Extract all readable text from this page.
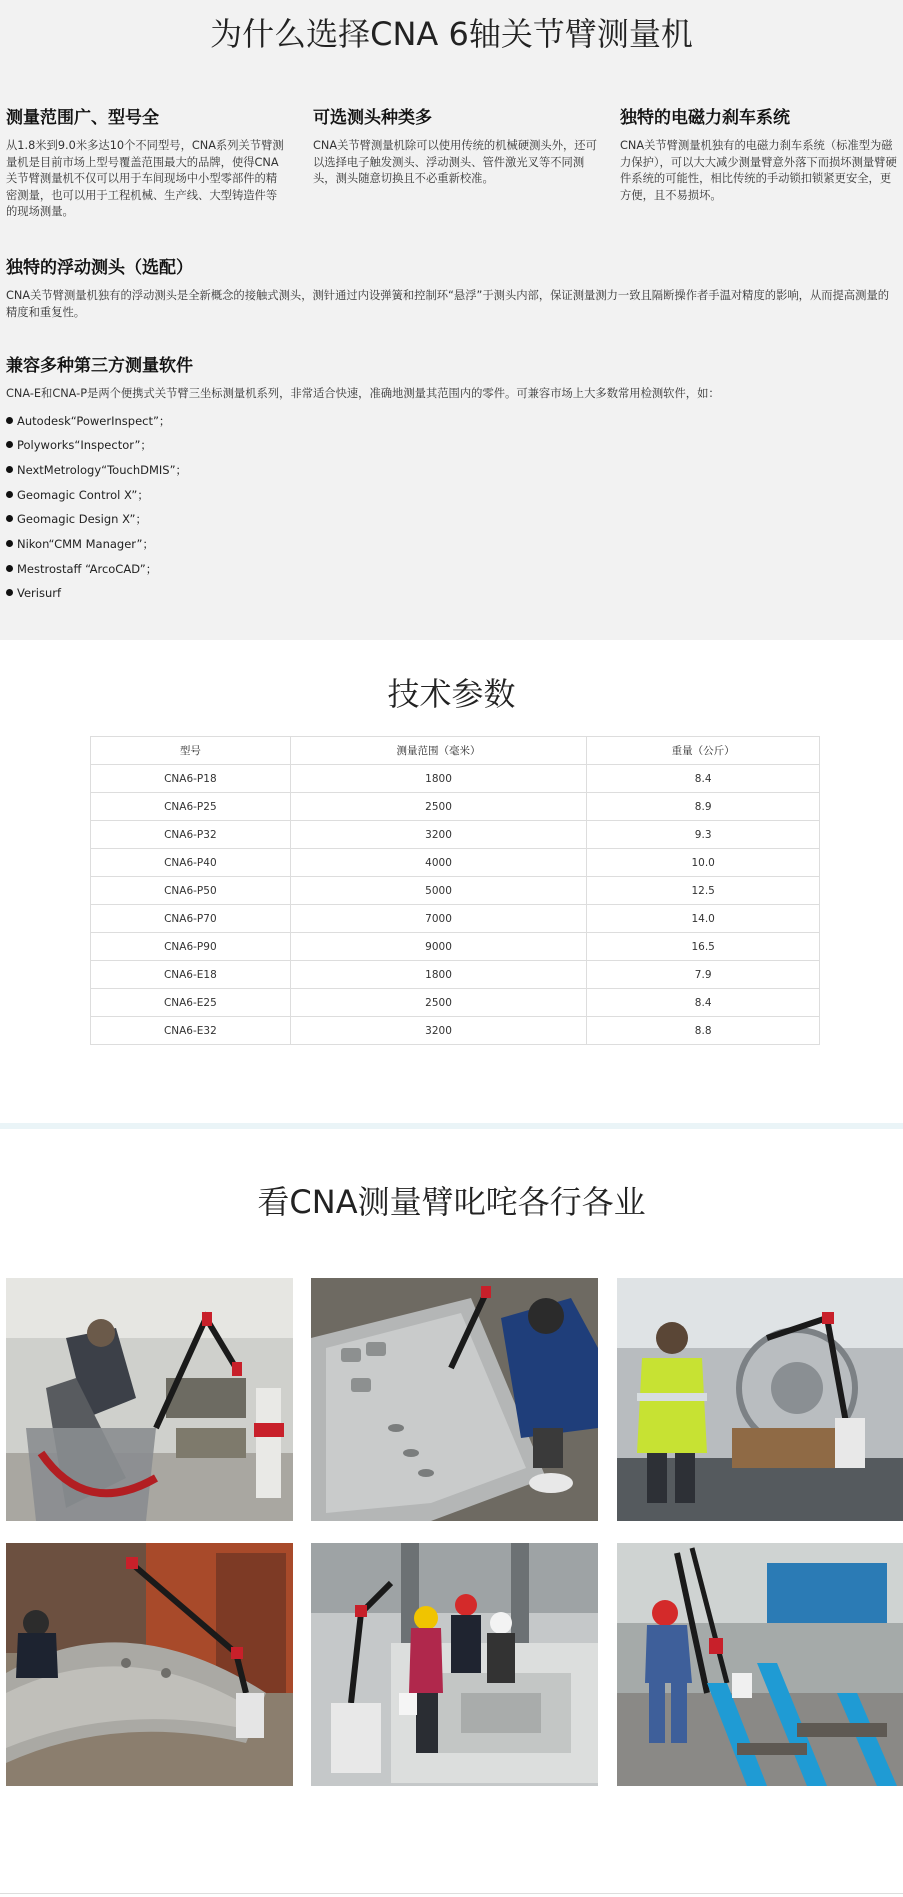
为什么选择CNA 6轴关节臂测量机
测量范围广、型号全

从1.8米到9.0米多达10个不同型号，CNA系列关节臂测量机是目前市场上型号覆盖范围最大的品牌，使得CNA关节臂测量机不仅可以用于车间现场中小型零部件的精密测量，也可以用于工程机械、生产线、大型铸造件等的现场测量。

可选测头种类多

CNA关节臂测量机除可以使用传统的机械硬测头外，还可以选择电子触发测头、浮动测头、管件激光叉等不同测头，测头随意切换且不必重新校准。

独特的电磁力刹车系统

CNA关节臂测量机独有的电磁力刹车系统（标准型为磁力保护），可以大大减少测量臂意外落下而损坏测量臂硬件系统的可能性，相比传统的手动锁扣锁紧更安全，更方便，且不易损坏。

独特的浮动测头（选配）

CNA关节臂测量机独有的浮动测头是全新概念的接触式测头，测针通过内设弹簧和控制环“悬浮”于测头内部，保证测量测力一致且隔断操作者手温对精度的影响，从而提高测量的精度和重复性。

兼容多种第三方测量软件

CNA-E和CNA-P是两个便携式关节臂三坐标测量机系列，非常适合快速，准确地测量其范围内的零件。可兼容市场上大多数常用检测软件，如：

Autodesk“PowerInspect”；
Polyworks“Inspector”；
NextMetrology“TouchDMIS”；
Geomagic Control X”；
Geomagic Design X”；
Nikon“CMM Manager”；
Mestrostaff “ArcoCAD”；
Verisurf
技术参数
型号	测量范围（毫米）	重量（公斤）
CNA6-P18	1800	8.4
CNA6-P25	2500	8.9
CNA6-P32	3200	9.3
CNA6-P40	4000	10.0
CNA6-P50	5000	12.5
CNA6-P70	7000	14.0
CNA6-P90	9000	16.5
CNA6-E18	1800	7.9
CNA6-E25	2500	8.4
CNA6-E32	3200	8.8
看CNA测量臂叱咤各行各业
